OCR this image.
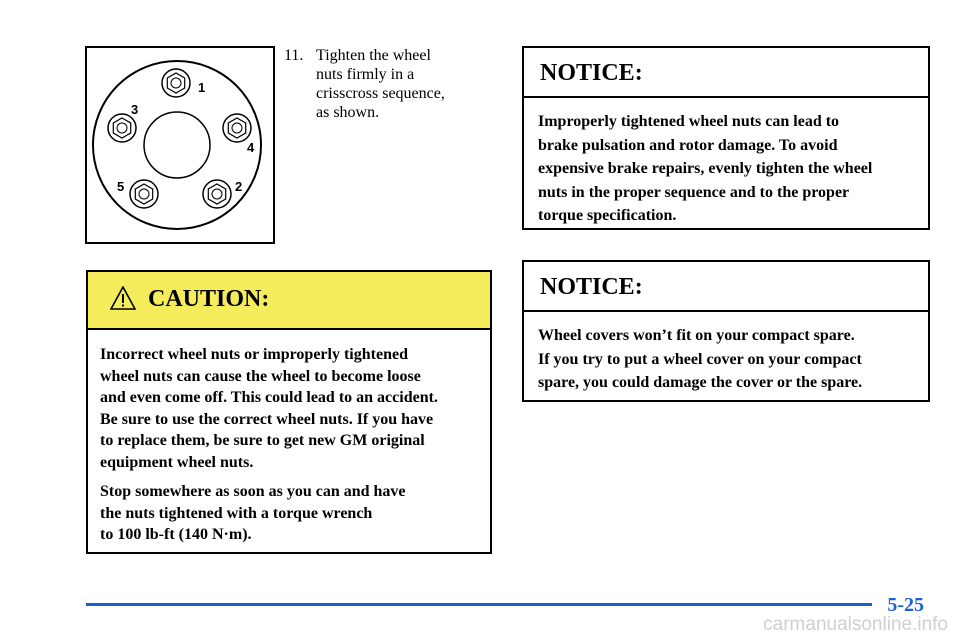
1
2
3
4
5
11. Tighten the wheel
nuts firmly in a
crisscross sequence,
as shown.
CAUTION:

Incorrect wheel nuts or improperly tightened
wheel nuts can cause the wheel to become loose
and even come off. This could lead to an accident.
Be sure to use the correct wheel nuts. If you have
to replace them, be sure to get new GM original
equipment wheel nuts.

Stop somewhere as soon as you can and have
the nuts tightened with a torque wrench
to 100 lb-ft (140 N·m).

NOTICE:

Improperly tightened wheel nuts can lead to
brake pulsation and rotor damage. To avoid
expensive brake repairs, evenly tighten the wheel
nuts in the proper sequence and to the proper
torque specification.

NOTICE:

Wheel covers won’t fit on your compact spare.
If you try to put a wheel cover on your compact
spare, you could damage the cover or the spare.

5-25
carmanualsonline.info
